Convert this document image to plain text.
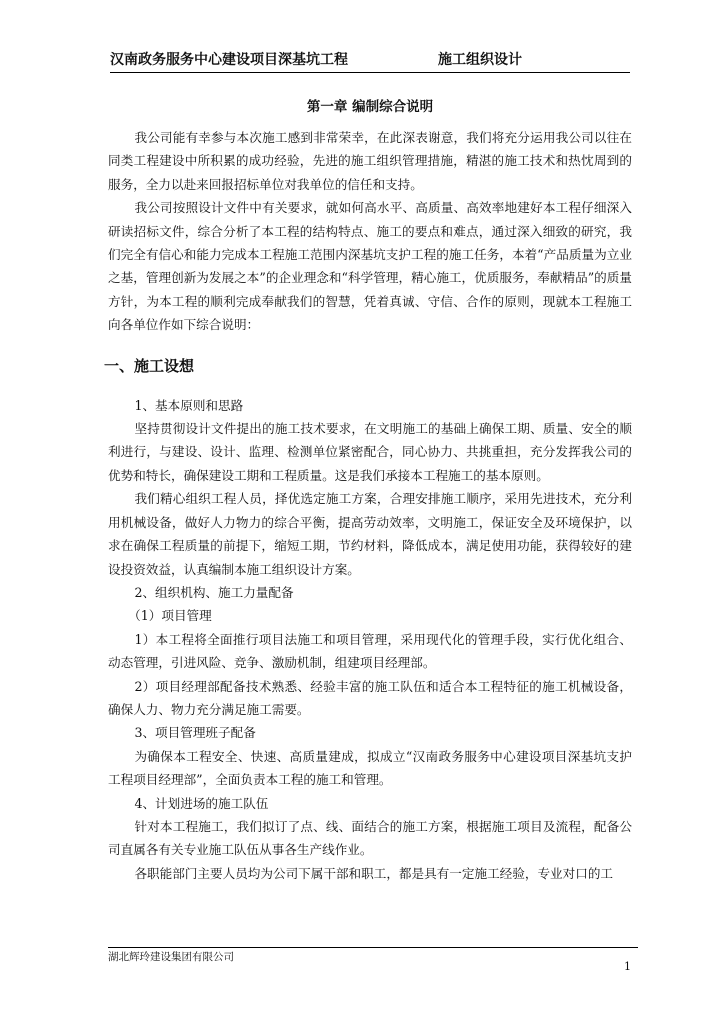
汉南政务服务中心建设项目深基坑工程	施工组织设计
第一章 编制综合说明

我公司能有幸参与本次施工感到非常荣幸，在此深表谢意，我们将充分运用我公司以往在同类工程建设中所积累的成功经验，先进的施工组织管理措施，精湛的施工技术和热忱周到的服务，全力以赴来回报招标单位对我单位的信任和支持。

我公司按照设计文件中有关要求，就如何高水平、高质量、高效率地建好本工程仔细深入研读招标文件，综合分析了本工程的结构特点、施工的要点和难点，通过深入细致的研究，我们完全有信心和能力完成本工程施工范围内深基坑支护工程的施工任务，本着“产品质量为立业之基，管理创新为发展之本”的企业理念和“科学管理，精心施工，优质服务，奉献精品”的质量方针，为本工程的顺利完成奉献我们的智慧，凭着真诚、守信、合作的原则，现就本工程施工向各单位作如下综合说明：

一、施工设想

1、基本原则和思路

坚持贯彻设计文件提出的施工技术要求，在文明施工的基础上确保工期、质量、安全的顺利进行，与建设、设计、监理、检测单位紧密配合，同心协力、共挑重担，充分发挥我公司的优势和特长，确保建设工期和工程质量。这是我们承接本工程施工的基本原则。

我们精心组织工程人员，择优选定施工方案，合理安排施工顺序，采用先进技术，充分利用机械设备，做好人力物力的综合平衡，提高劳动效率，文明施工，保证安全及环境保护，以求在确保工程质量的前提下，缩短工期，节约材料，降低成本，满足使用功能，获得较好的建设投资效益，认真编制本施工组织设计方案。

2、组织机构、施工力量配备

（1）项目管理

1）本工程将全面推行项目法施工和项目管理，采用现代化的管理手段，实行优化组合、动态管理，引进风险、竞争、激励机制，组建项目经理部。

2）项目经理部配备技术熟悉、经验丰富的施工队伍和适合本工程特征的施工机械设备，确保人力、物力充分满足施工需要。

3、项目管理班子配备

为确保本工程安全、快速、高质量建成，拟成立“汉南政务服务中心建设项目深基坑支护工程项目经理部”，全面负责本工程的施工和管理。

4、计划进场的施工队伍

针对本工程施工，我们拟订了点、线、面结合的施工方案，根据施工项目及流程，配备公司直属各有关专业施工队伍从事各生产线作业。

各职能部门主要人员均为公司下属干部和职工，都是具有一定施工经验，专业对口的工

湖北辉玲建设集团有限公司
1
